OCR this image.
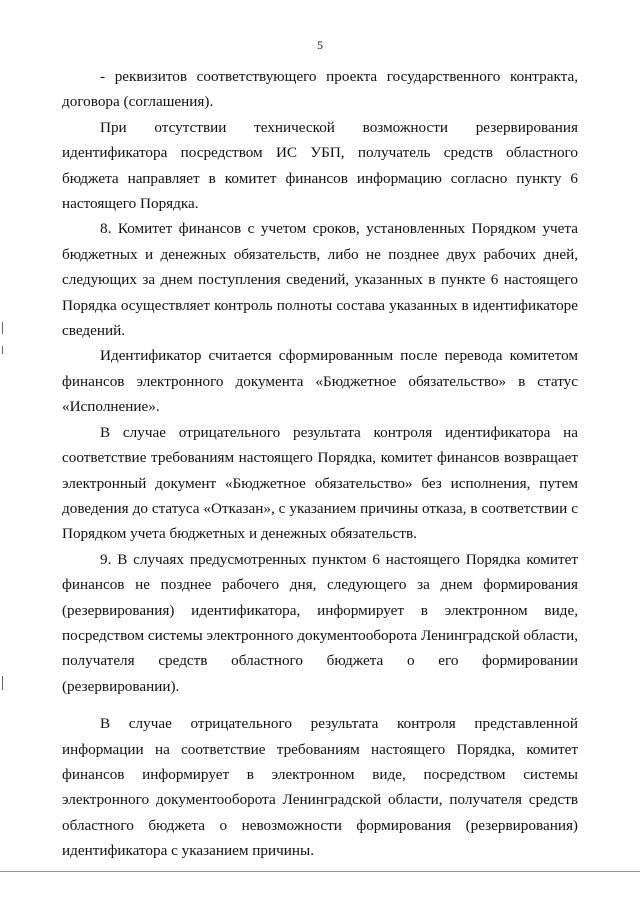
5

- реквизитов соответствующего проекта государственного контракта, договора (соглашения).

При отсутствии технической возможности резервирования идентификатора посредством ИС УБП, получатель средств областного бюджета направляет в комитет финансов информацию согласно пункту 6 настоящего Порядка.

8. Комитет финансов с учетом сроков, установленных Порядком учета бюджетных и денежных обязательств, либо не позднее двух рабочих дней, следующих за днем поступления сведений, указанных в пункте 6 настоящего Порядка осуществляет контроль полноты состава указанных в идентификаторе сведений.

Идентификатор считается сформированным после перевода комитетом финансов электронного документа «Бюджетное обязательство» в статус «Исполнение».

В случае отрицательного результата контроля идентификатора на соответствие требованиям настоящего Порядка, комитет финансов возвращает электронный документ «Бюджетное обязательство» без исполнения, путем доведения до статуса «Отказан», с указанием причины отказа, в соответствии с Порядком учета бюджетных и денежных обязательств.

9. В случаях предусмотренных пунктом 6 настоящего Порядка комитет финансов не позднее рабочего дня, следующего за днем формирования (резервирования) идентификатора, информирует в электронном виде, посредством системы электронного документооборота Ленинградской области, получателя средств областного бюджета о его формировании (резервировании).

В случае отрицательного результата контроля представленной информации на соответствие требованиям настоящего Порядка, комитет финансов информирует в электронном виде, посредством системы электронного документооборота Ленинградской области, получателя средств областного бюджета о невозможности формирования (резервирования) идентификатора с указанием причины.
